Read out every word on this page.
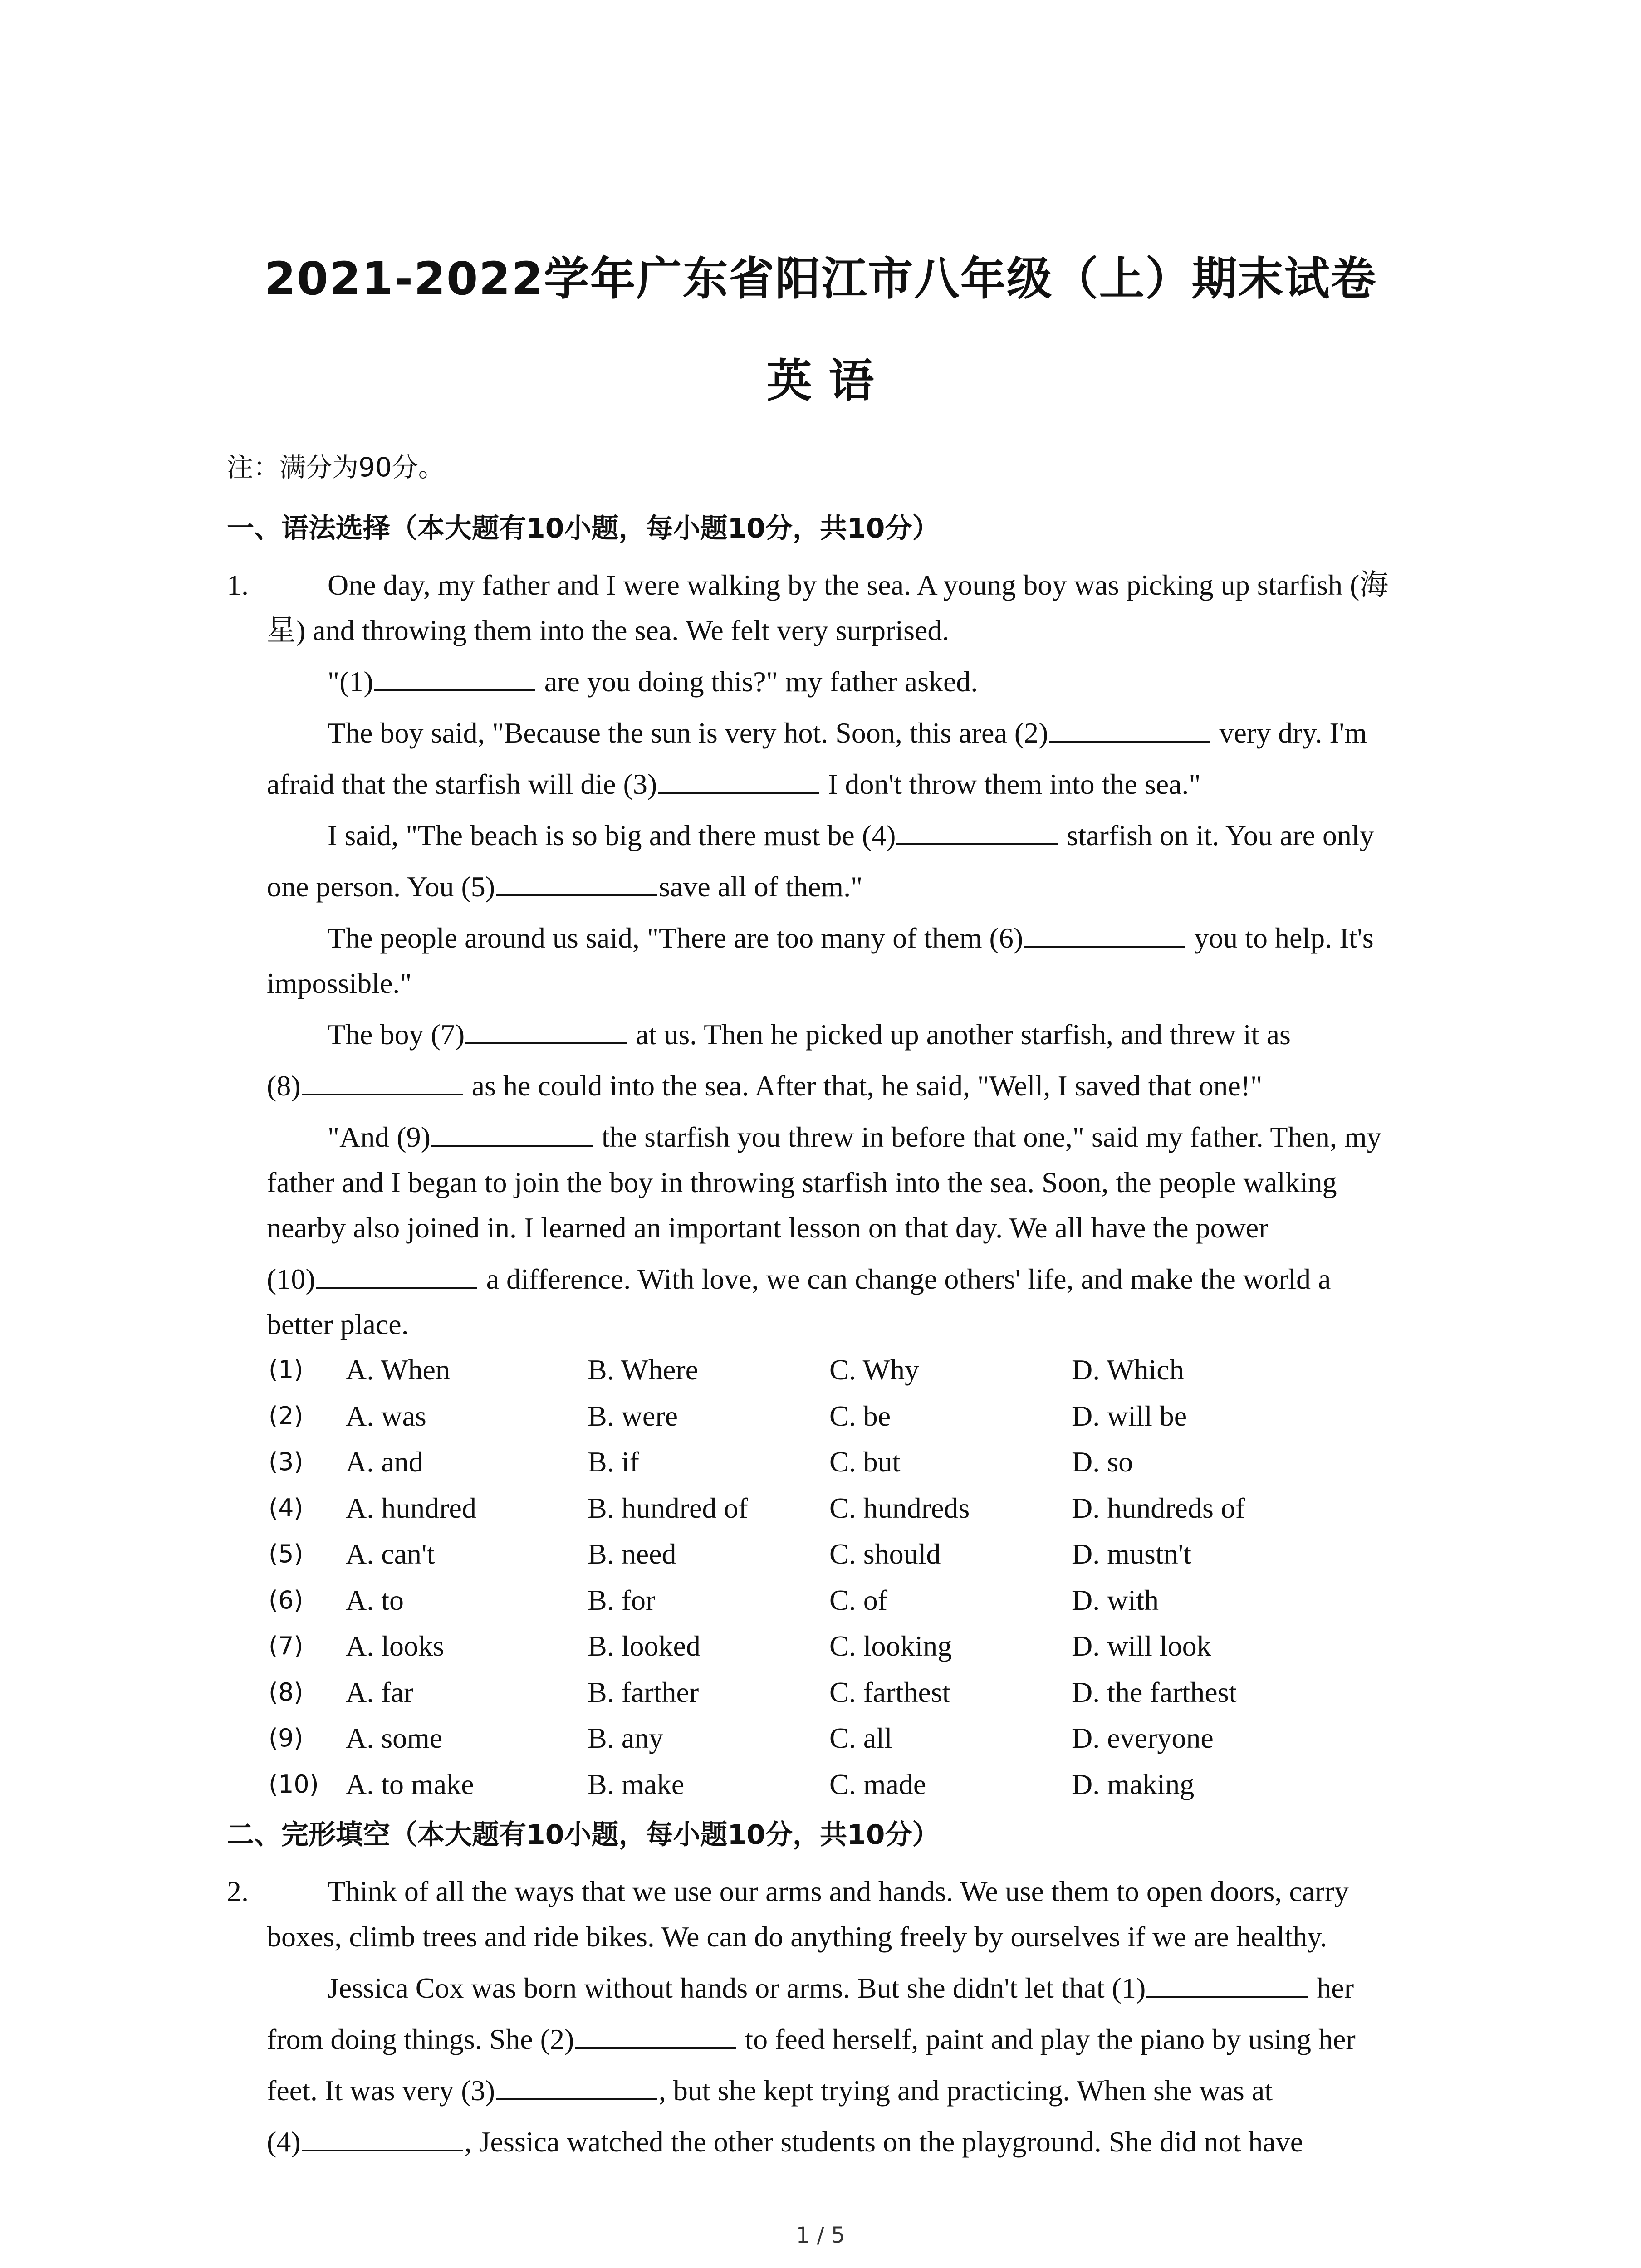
2021-2022学年广东省阳江市八年级（上）期末试卷
英 语
注：满分为90分。
一、语法选择（本大题有10小题，每小题10分，共10分）
1.	One day, my father and I were walking by the sea. A young boy was picking up starfish (海
星) and throwing them into the sea. We felt very surprised.
"(1)	are you doing this?" my father asked.
The boy said, "Because the sun is very hot. Soon, this area (2)	very dry. I'm
afraid that the starfish will die (3)	I don't throw them into the sea."
I said, "The beach is so big and there must be (4)	starfish on it. You are only
one person. You (5)	save all of them."
The people around us said, "There are too many of them (6)	you to help. It's
impossible."
The boy (7)	at us. Then he picked up another starfish, and threw it as
(8)	as he could into the sea. After that, he said, "Well, I saved that one!"
"And (9)	the starfish you threw in before that one," said my father. Then, my
father and I began to join the boy in throwing starfish into the sea. Soon, the people walking
nearby also joined in. I learned an important lesson on that day. We all have the power
(10)	a difference. With love, we can change others' life, and make the world a
better place.
(1) A. When	B. Where	C. Why	D. Which
(2) A. was	B. were	C. be	D. will be
(3) A. and	B. if	C. but	D. so
(4) A. hundred	B. hundred of	C. hundreds	D. hundreds of
(5) A. can't	B. need	C. should	D. mustn't
(6) A. to	B. for	C. of	D. with
(7) A. looks	B. looked	C. looking	D. will look
(8) A. far	B. farther	C. farthest	D. the farthest
(9) A. some	B. any	C. all	D. everyone
(10) A. to make	B. make	C. made	D. making
二、完形填空（本大题有10小题，每小题10分，共10分）
2.	Think of all the ways that we use our arms and hands. We use them to open doors, carry
boxes, climb trees and ride bikes. We can do anything freely by ourselves if we are healthy.
Jessica Cox was born without hands or arms. But she didn't let that (1)	her
from doing things. She (2)	to feed herself, paint and play the piano by using her
feet. It was very (3)	, but she kept trying and practicing. When she was at
(4)	, Jessica watched the other students on the playground. She did not have
1 / 5
